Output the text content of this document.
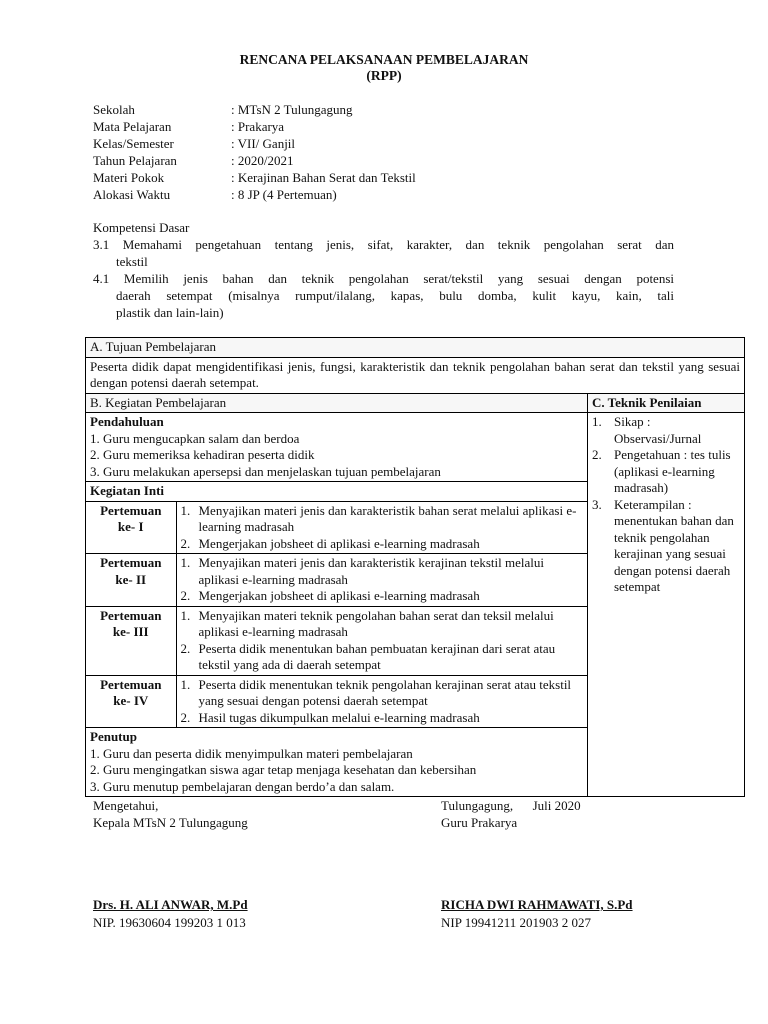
RENCANA PELAKSANAAN PEMBELAJARAN
(RPP)
Sekolah	: MTsN 2 Tulungagung
Mata Pelajaran	: Prakarya
Kelas/Semester	: VII/ Ganjil
Tahun Pelajaran	: 2020/2021
Materi Pokok	: Kerajinan Bahan Serat dan Tekstil
Alokasi Waktu	: 8 JP (4 Pertemuan)
Kompetensi Dasar
3.1 Memahami pengetahuan tentang jenis, sifat, karakter, dan teknik pengolahan serat dan
tekstil
4.1 Memilih jenis bahan dan teknik pengolahan serat/tekstil yang sesuai dengan potensi
daerah setempat (misalnya rumput/ilalang, kapas, bulu domba, kulit kayu, kain, tali
plastik dan lain-lain)
A. Tujuan Pembelajaran
Peserta didik dapat mengidentifikasi jenis, fungsi, karakteristik dan teknik pengolahan bahan serat dan tekstil yang sesuai dengan potensi daerah setempat.
B. Kegiatan Pembelajaran	C. Teknik Penilaian

Pendahuluan
1. Guru mengucapkan salam dan berdoa
2. Guru memeriksa kehadiran peserta didik
3. Guru melakukan apersepsi dan menjelaskan tujuan pembelajaran
Kegiatan Inti
Pertemuan
ke- I

1. Menyajikan materi jenis dan karakteristik bahan serat melalui aplikasi e-learning madrasah
2. Mengerjakan jobsheet di aplikasi e-learning madrasah

Pertemuan
ke- II

1. Menyajikan materi jenis dan karakteristik kerajinan tekstil melalui aplikasi e-learning madrasah
2. Mengerjakan jobsheet di aplikasi e-learning madrasah

Pertemuan
ke- III

1. Menyajikan materi teknik pengolahan bahan serat dan teksil melalui aplikasi e-learning madrasah
2. Peserta didik menentukan bahan pembuatan kerajinan dari serat atau tekstil yang ada di daerah setempat

Pertemuan
ke- IV

1. Peserta didik menentukan teknik pengolahan kerajinan serat atau tekstil yang sesuai dengan potensi daerah setempat
2. Hasil tugas dikumpulkan melalui e-learning madrasah
Penutup
1. Guru dan peserta didik menyimpulkan materi pembelajaran
2. Guru mengingatkan siswa agar tetap menjaga kesehatan dan kebersihan
3. Guru menutup pembelajaran dengan berdo’a dan salam.

1. Sikap : Observasi/Jurnal
2. Pengetahuan : tes tulis (aplikasi e-learning madrasah)
3. Keterampilan : menentukan bahan dan teknik pengolahan kerajinan yang sesuai dengan potensi daerah setempat
Mengetahui,
Kepala MTsN 2 Tulungagung
Tulungagung,      Juli 2020
Guru Prakarya
Drs. H. ALI ANWAR, M.Pd
NIP. 19630604 199203 1 013
RICHA DWI RAHMAWATI, S.Pd
NIP 19941211 201903 2 027
